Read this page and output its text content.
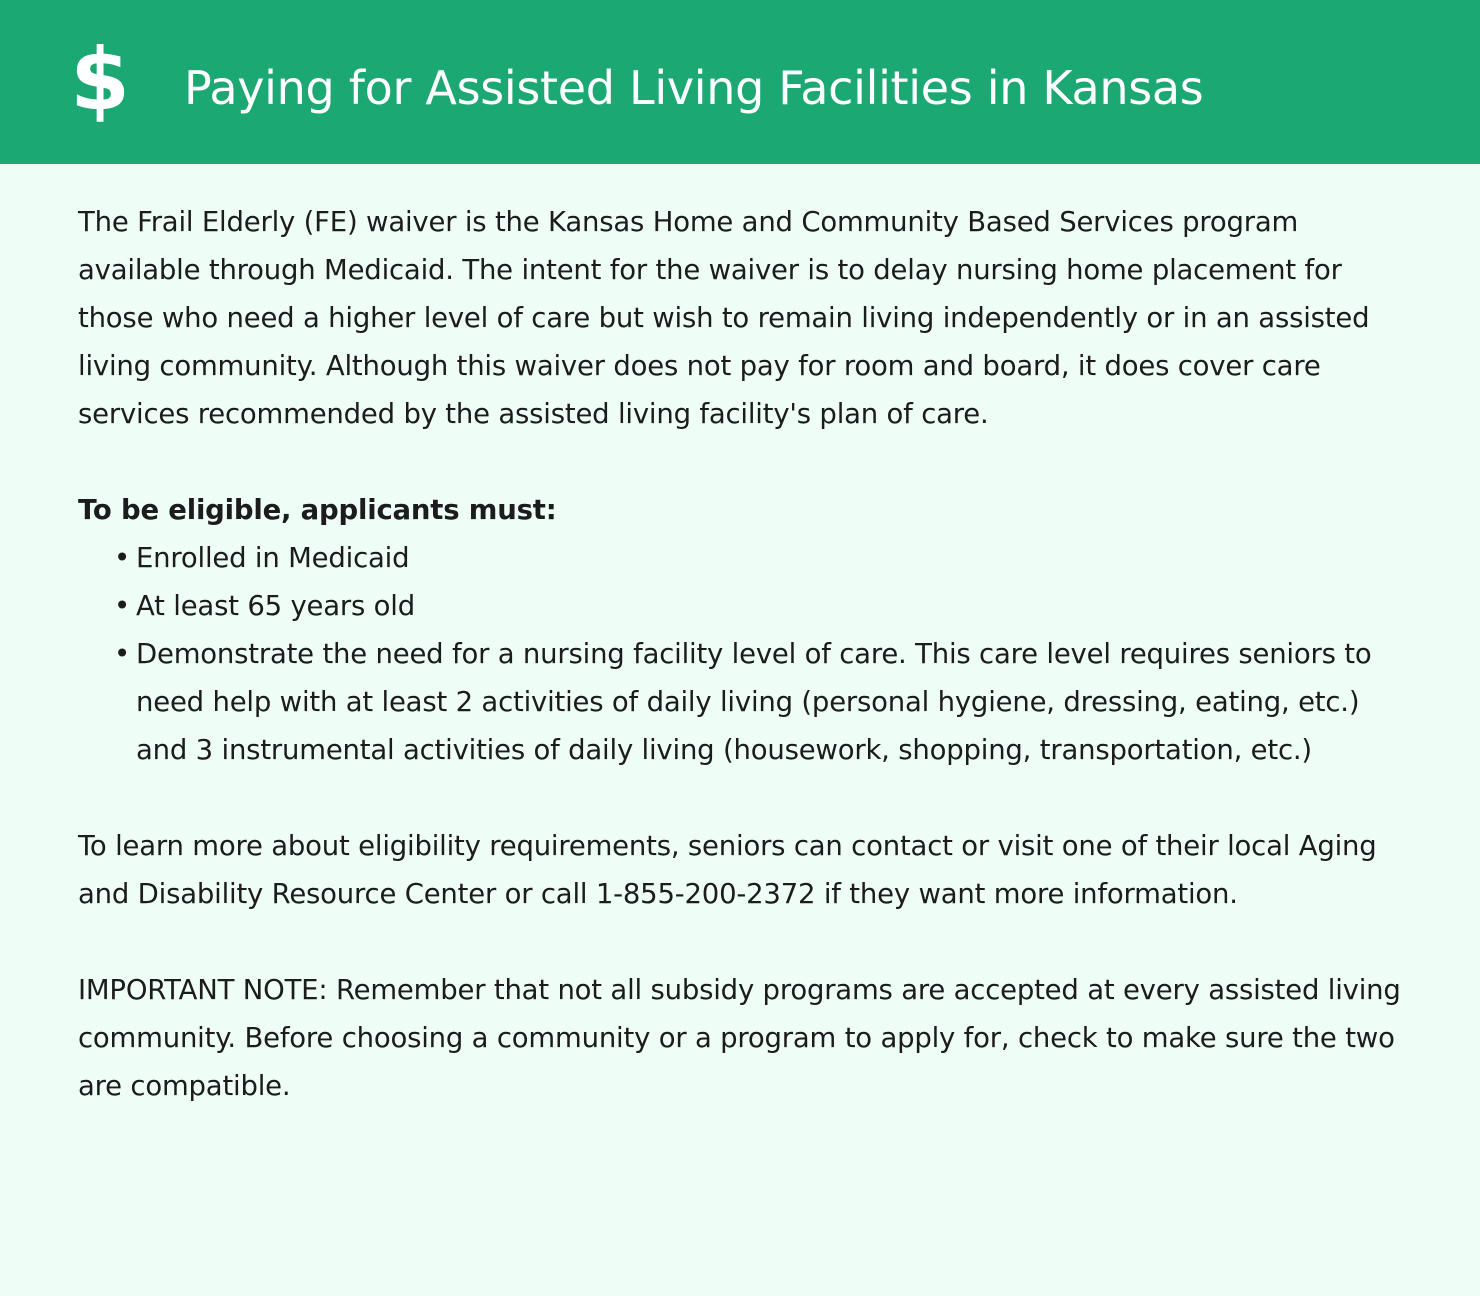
$ Paying for Assisted Living Facilities in Kansas

The Frail Elderly (FE) waiver is the Kansas Home and Community Based Services program available through Medicaid. The intent for the waiver is to delay nursing home placement for those who need a higher level of care but wish to remain living independently or in an assisted living community. Although this waiver does not pay for room and board, it does cover care services recommended by the assisted living facility's plan of care.

To be eligible, applicants must:

• Enrolled in Medicaid
• At least 65 years old
• Demonstrate the need for a nursing facility level of care. This care level requires seniors to need help with at least 2 activities of daily living (personal hygiene, dressing, eating, etc.) and 3 instrumental activities of daily living (housework, shopping, transportation, etc.)

To learn more about eligibility requirements, seniors can contact or visit one of their local Aging and Disability Resource Center or call 1-855-200-2372 if they want more information.

IMPORTANT NOTE: Remember that not all subsidy programs are accepted at every assisted living community. Before choosing a community or a program to apply for, check to make sure the two are compatible.
